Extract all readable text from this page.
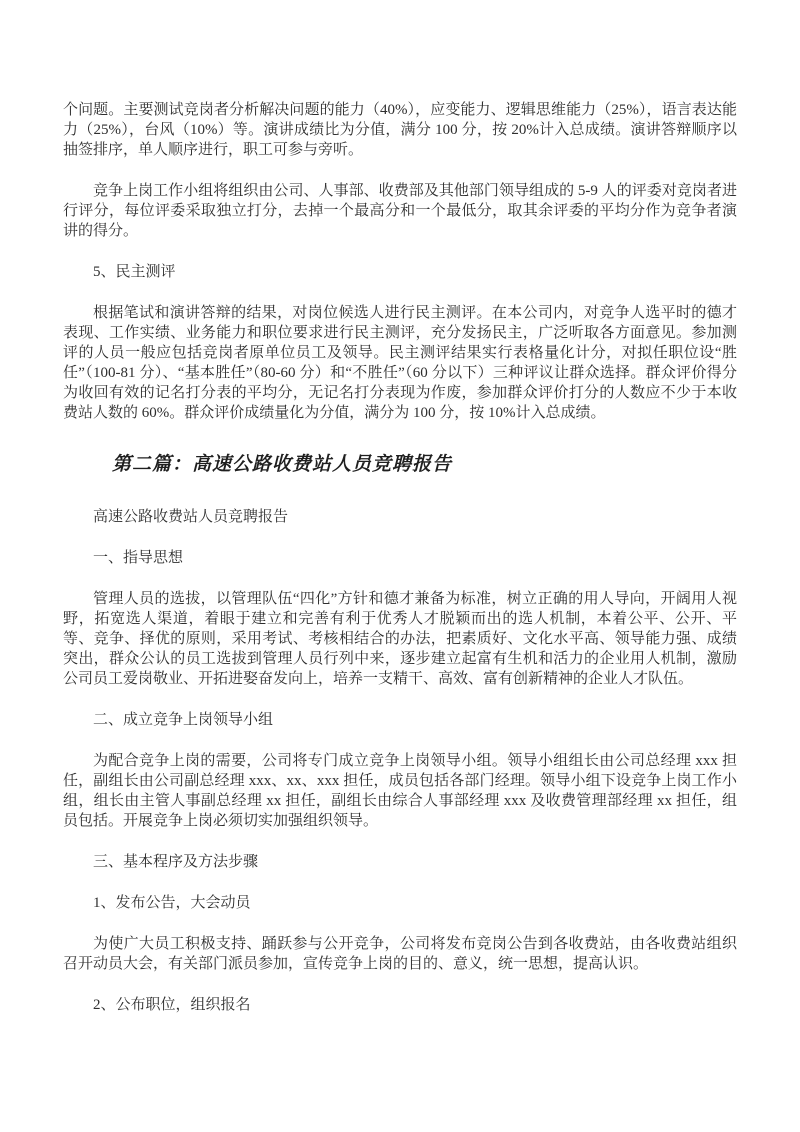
个问题。主要测试竞岗者分析解决问题的能力（40%），应变能力、逻辑思维能力（25%），语言表达能力（25%），台风（10%）等。演讲成绩比为分值，满分 100 分，按 20%计入总成绩。演讲答辩顺序以抽签排序，单人顺序进行，职工可参与旁听。

竞争上岗工作小组将组织由公司、人事部、收费部及其他部门领导组成的 5-9 人的评委对竞岗者进行评分，每位评委采取独立打分，去掉一个最高分和一个最低分，取其余评委的平均分作为竞争者演讲的得分。

5、民主测评

根据笔试和演讲答辩的结果，对岗位候选人进行民主测评。在本公司内，对竞争人选平时的德才表现、工作实绩、业务能力和职位要求进行民主测评，充分发扬民主，广泛听取各方面意见。参加测评的人员一般应包括竞岗者原单位员工及领导。民主测评结果实行表格量化计分，对拟任职位设“胜任”（100-81 分）、“基本胜任”（80-60 分）和“不胜任”（60 分以下）三种评议让群众选择。群众评价得分为收回有效的记名打分表的平均分，无记名打分表现为作废，参加群众评价打分的人数应不少于本收费站人数的 60%。群众评价成绩量化为分值，满分为 100 分，按 10%计入总成绩。

第二篇：高速公路收费站人员竞聘报告

高速公路收费站人员竞聘报告

一、指导思想

管理人员的选拔，以管理队伍“四化”方针和德才兼备为标准，树立正确的用人导向，开阔用人视野，拓宽选人渠道，着眼于建立和完善有利于优秀人才脱颖而出的选人机制，本着公平、公开、平等、竞争、择优的原则，采用考试、考核相结合的办法，把素质好、文化水平高、领导能力强、成绩突出，群众公认的员工选拔到管理人员行列中来，逐步建立起富有生机和活力的企业用人机制，激励公司员工爱岗敬业、开拓进娶奋发向上，培养一支精干、高效、富有创新精神的企业人才队伍。

二、成立竞争上岗领导小组

为配合竞争上岗的需要，公司将专门成立竞争上岗领导小组。领导小组组长由公司总经理 xxx 担任，副组长由公司副总经理 xxx、xx、xxx 担任，成员包括各部门经理。领导小组下设竞争上岗工作小组，组长由主管人事副总经理 xx 担任，副组长由综合人事部经理 xxx 及收费管理部经理 xx 担任，组员包括。开展竞争上岗必须切实加强组织领导。

三、基本程序及方法步骤

1、发布公告，大会动员

为使广大员工积极支持、踊跃参与公开竞争，公司将发布竞岗公告到各收费站，由各收费站组织召开动员大会，有关部门派员参加，宣传竞争上岗的目的、意义，统一思想，提高认识。

2、公布职位，组织报名
